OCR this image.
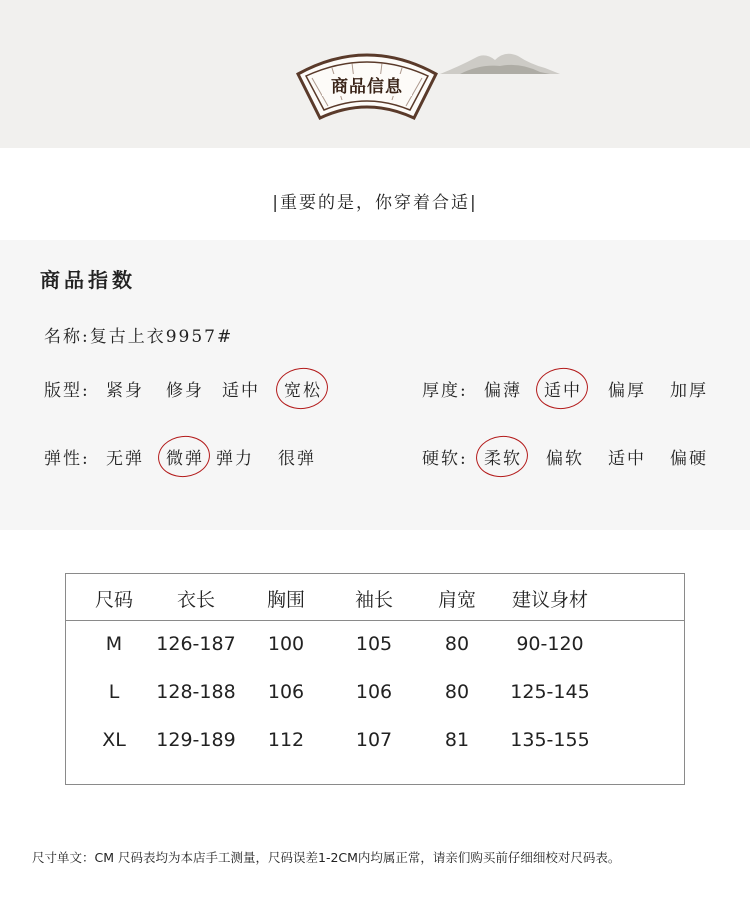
商品信息
|重要的是，你穿着合适|
商品指数
名称:复古上衣9957#
版型: 紧身 修身 适中 宽松	厚度: 偏薄 适中 偏厚 加厚
弹性: 无弹 微弹 弹力 很弹	硬软: 柔软 偏软 适中 偏硬
尺码	衣长	胸围	袖长	肩宽	建议身材
M	126-187	100	105	80	90-120
L	128-188	106	106	80	125-145
XL	129-189	112	107	81	135-155
尺寸单文：CM 尺码表均为本店手工测量，尺码误差1-2CM内均属正常，请亲们购买前仔细细校对尺码表。
